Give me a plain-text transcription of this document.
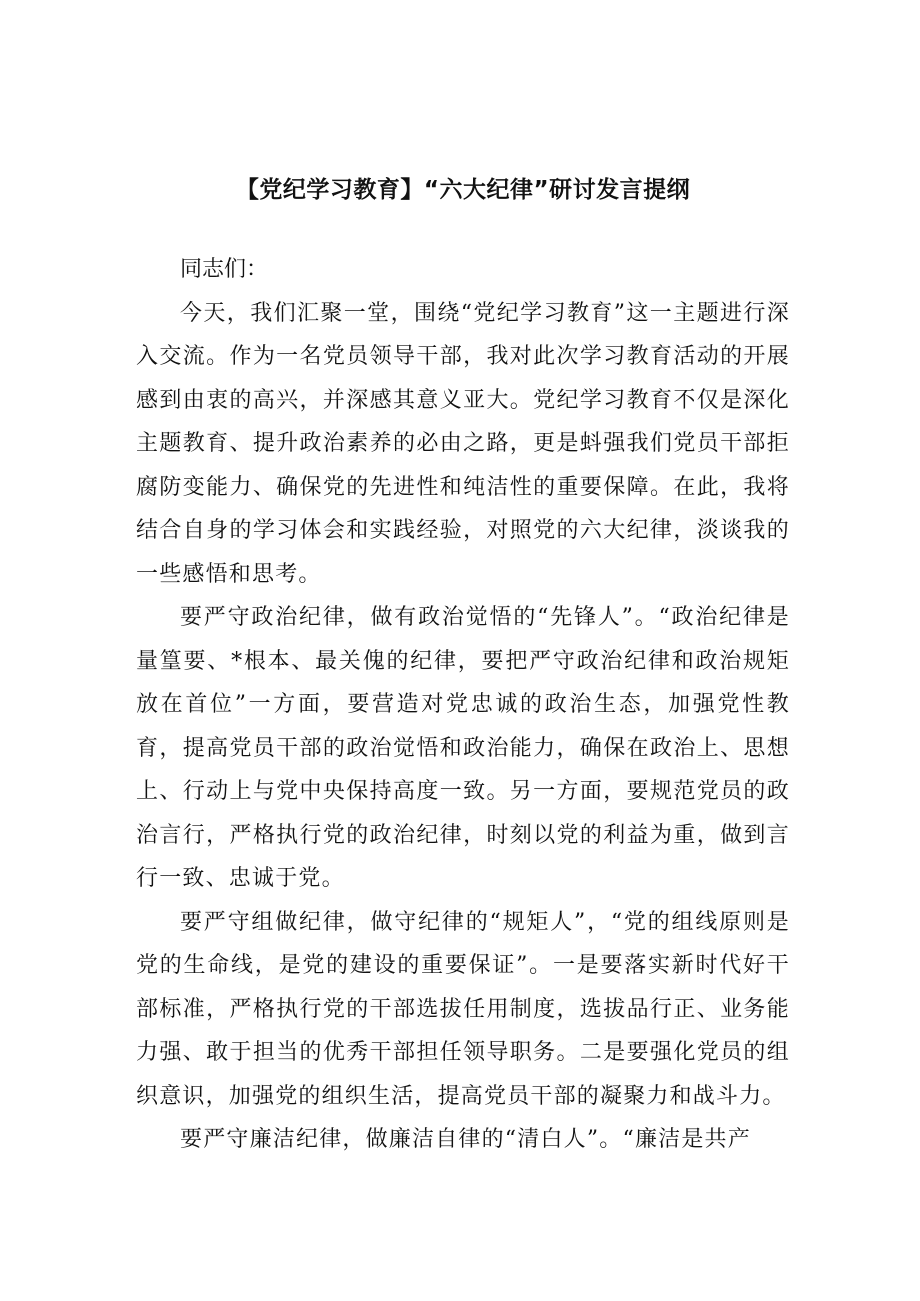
【党纪学习教育】“六大纪律”研讨发言提纲

同志们：

今天，我们汇聚一堂，围绕“党纪学习教育”这一主题进行深入交流。作为一名党员领导干部，我对此次学习教育活动的开展感到由衷的高兴，并深感其意义亚大。党纪学习教育不仅是深化主题教育、提升政治素养的必由之路，更是蚪强我们党员干部拒腐防变能力、确保党的先进性和纯洁性的重要保障。在此，我将结合自身的学习体会和实践经验，对照党的六大纪律，淡谈我的一些感悟和思考。

要严守政治纪律，做有政治觉悟的“先锋人”。“政治纪律是量篁要、*根本、最关傀的纪律，要把严守政治纪律和政治规矩放在首位”一方面，要营造对党忠诚的政治生态，加强党性教育，提高党员干部的政治觉悟和政治能力，确保在政治上、思想上、行动上与党中央保持高度一致。另一方面，要规范党员的政治言行，严格执行党的政治纪律，时刻以党的利益为重，做到言行一致、忠诚于党。

要严守组做纪律，做守纪律的“规矩人”，“党的组线原则是党的生命线，是党的建设的重要保证”。一是要落实新时代好干部标准，严格执行党的干部选拔任用制度，选拔品行正、业务能力强、敢于担当的优秀干部担任领导职务。二是要强化党员的组织意识，加强党的组织生活，提高党员干部的凝聚力和战斗力。

要严守廉洁纪律，做廉洁自律的“清白人”。“廉洁是共产
